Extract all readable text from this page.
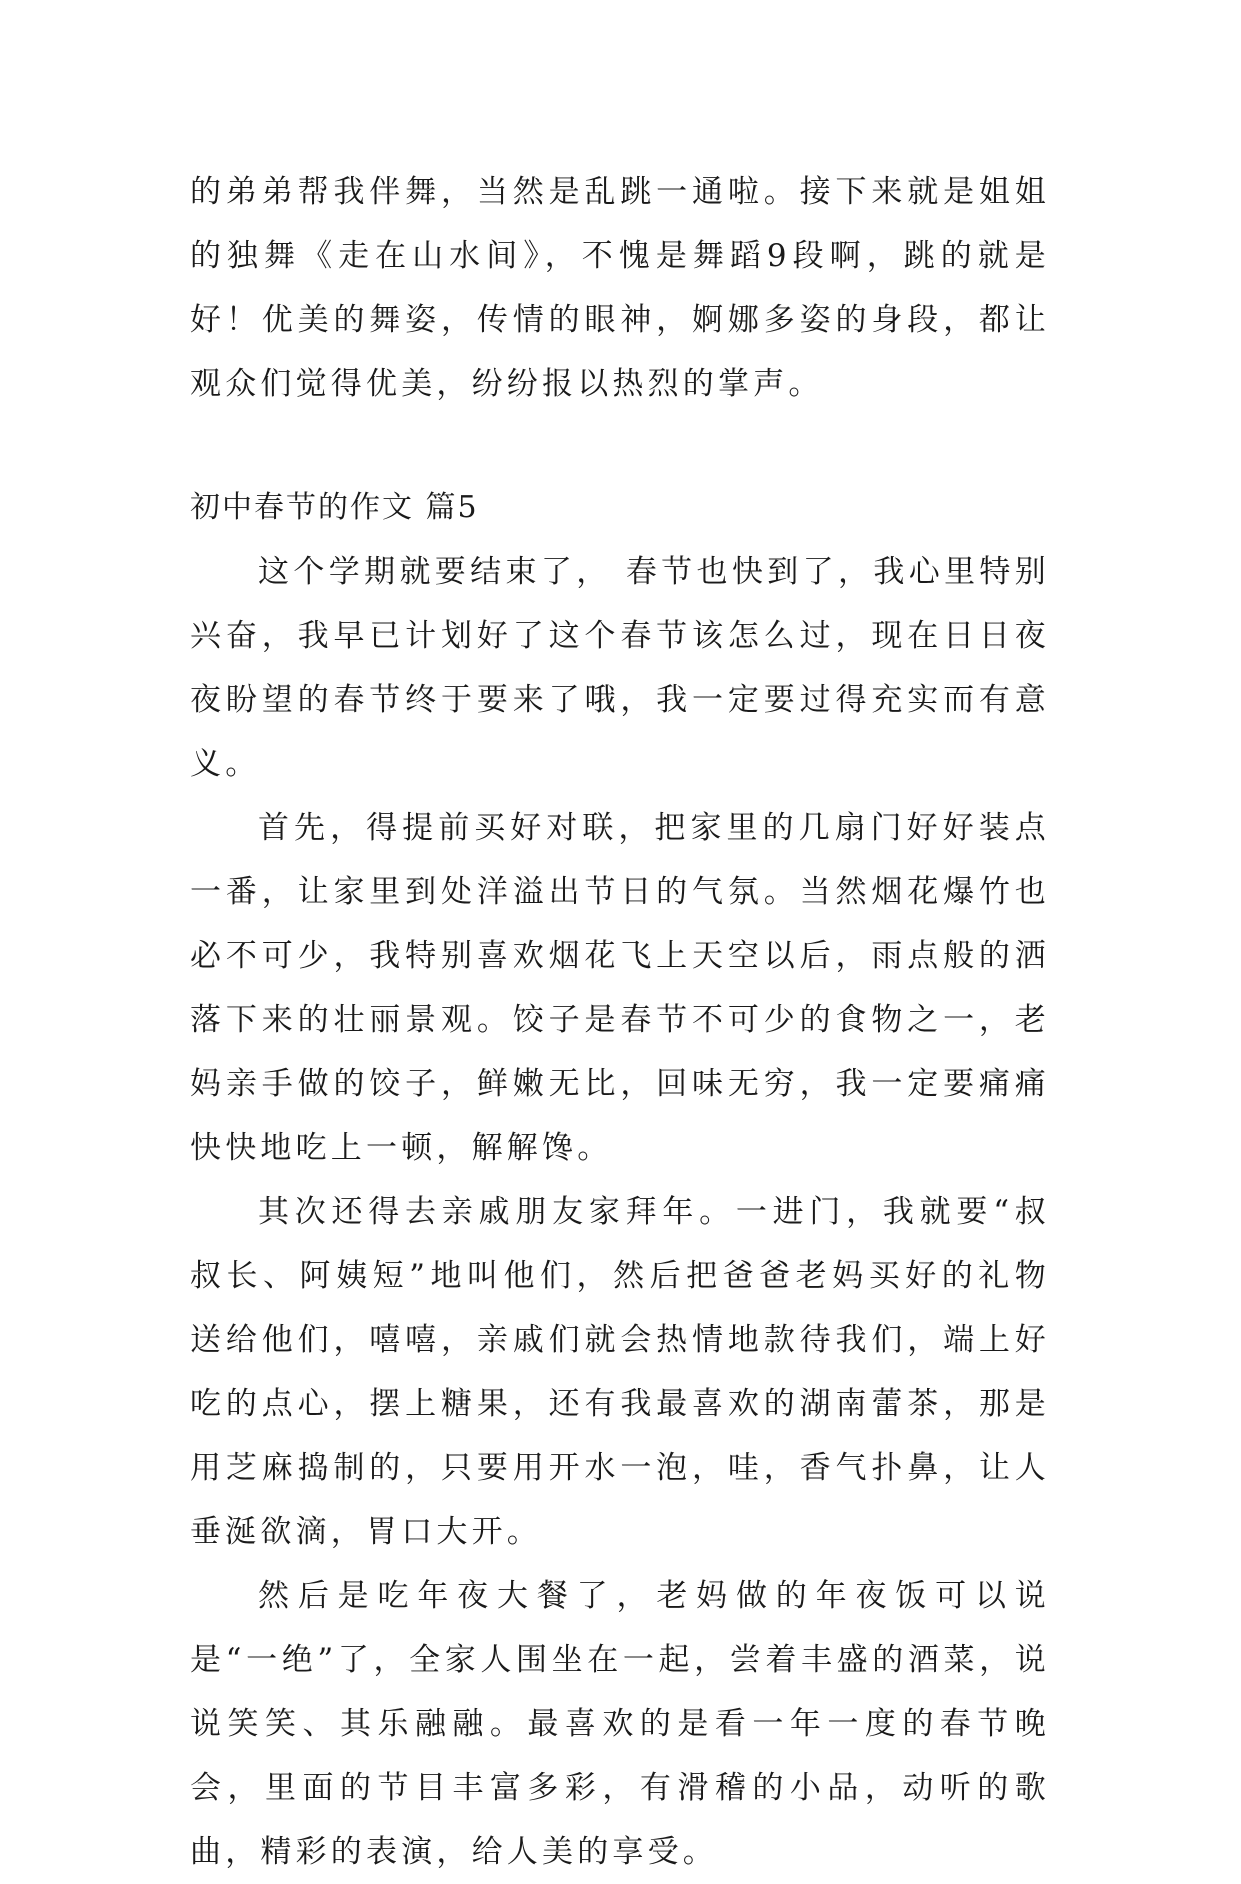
的弟弟帮我伴舞，当然是乱跳一通啦。接下来就是姐姐的独舞《走在山水间》，不愧是舞蹈9段啊，跳的就是好！优美的舞姿，传情的眼神，婀娜多姿的身段，都让观众们觉得优美，纷纷报以热烈的掌声。

初中春节的作文 篇5

这个学期就要结束了， 春节也快到了，我心里特别兴奋，我早已计划好了这个春节该怎么过，现在日日夜夜盼望的春节终于要来了哦，我一定要过得充实而有意义。

首先，得提前买好对联，把家里的几扇门好好装点一番，让家里到处洋溢出节日的气氛。当然烟花爆竹也必不可少，我特别喜欢烟花飞上天空以后，雨点般的洒落下来的壮丽景观。饺子是春节不可少的食物之一，老妈亲手做的饺子，鲜嫩无比，回味无穷，我一定要痛痛快快地吃上一顿，解解馋。

其次还得去亲戚朋友家拜年。一进门，我就要“叔叔长、阿姨短”地叫他们，然后把爸爸老妈买好的礼物送给他们，嘻嘻，亲戚们就会热情地款待我们，端上好吃的点心，摆上糖果，还有我最喜欢的湖南蕾茶，那是用芝麻捣制的，只要用开水一泡，哇，香气扑鼻，让人垂涎欲滴，胃口大开。

然后是吃年夜大餐了，老妈做的年夜饭可以说是“一绝”了，全家人围坐在一起，尝着丰盛的酒菜，说说笑笑、其乐融融。最喜欢的是看一年一度的春节晚会，里面的节目丰富多彩，有滑稽的小品，动听的歌曲，精彩的表演，给人美的享受。
